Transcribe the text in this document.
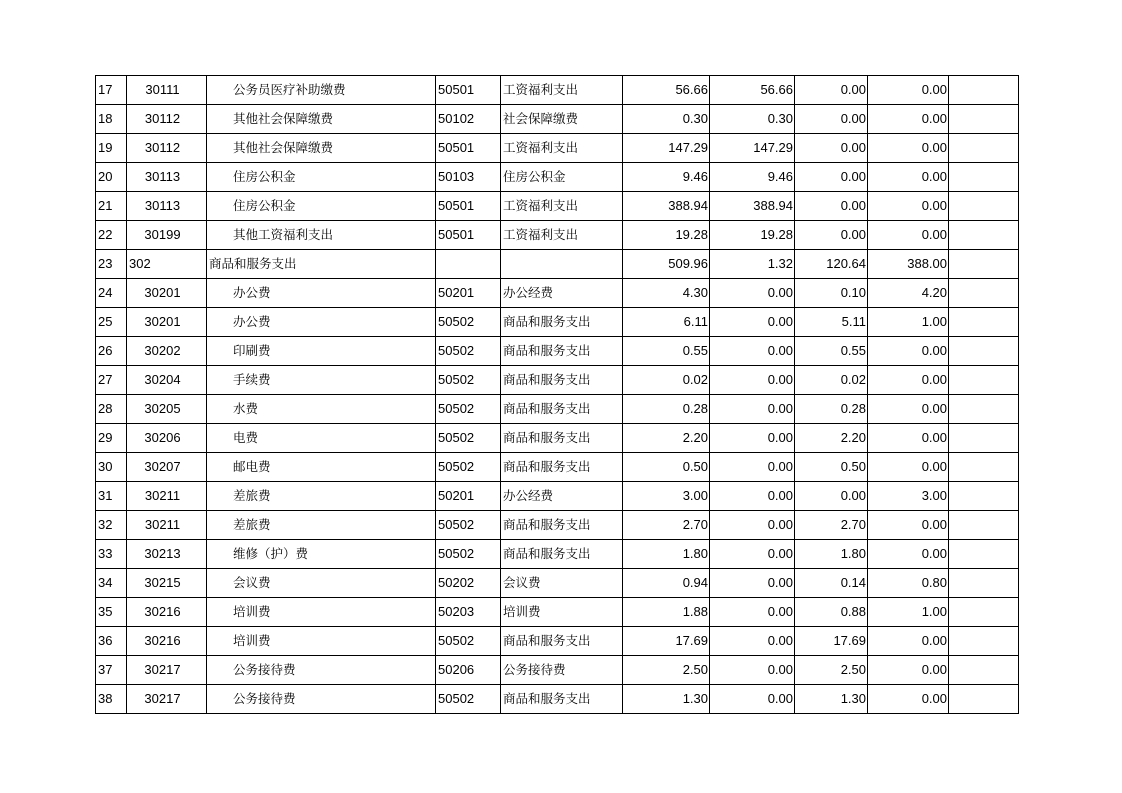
17	30111	公务员医疗补助缴费	50501	工资福利支出	56.66	56.66	0.00	0.00	
18	30112	其他社会保障缴费	50102	社会保障缴费	0.30	0.30	0.00	0.00	
19	30112	其他社会保障缴费	50501	工资福利支出	147.29	147.29	0.00	0.00	
20	30113	住房公积金	50103	住房公积金	9.46	9.46	0.00	0.00	
21	30113	住房公积金	50501	工资福利支出	388.94	388.94	0.00	0.00	
22	30199	其他工资福利支出	50501	工资福利支出	19.28	19.28	0.00	0.00	
23	302	商品和服务支出			509.96	1.32	120.64	388.00	
24	30201	办公费	50201	办公经费	4.30	0.00	0.10	4.20	
25	30201	办公费	50502	商品和服务支出	6.11	0.00	5.11	1.00	
26	30202	印刷费	50502	商品和服务支出	0.55	0.00	0.55	0.00	
27	30204	手续费	50502	商品和服务支出	0.02	0.00	0.02	0.00	
28	30205	水费	50502	商品和服务支出	0.28	0.00	0.28	0.00	
29	30206	电费	50502	商品和服务支出	2.20	0.00	2.20	0.00	
30	30207	邮电费	50502	商品和服务支出	0.50	0.00	0.50	0.00	
31	30211	差旅费	50201	办公经费	3.00	0.00	0.00	3.00	
32	30211	差旅费	50502	商品和服务支出	2.70	0.00	2.70	0.00	
33	30213	维修（护）费	50502	商品和服务支出	1.80	0.00	1.80	0.00	
34	30215	会议费	50202	会议费	0.94	0.00	0.14	0.80	
35	30216	培训费	50203	培训费	1.88	0.00	0.88	1.00	
36	30216	培训费	50502	商品和服务支出	17.69	0.00	17.69	0.00	
37	30217	公务接待费	50206	公务接待费	2.50	0.00	2.50	0.00	
38	30217	公务接待费	50502	商品和服务支出	1.30	0.00	1.30	0.00	
